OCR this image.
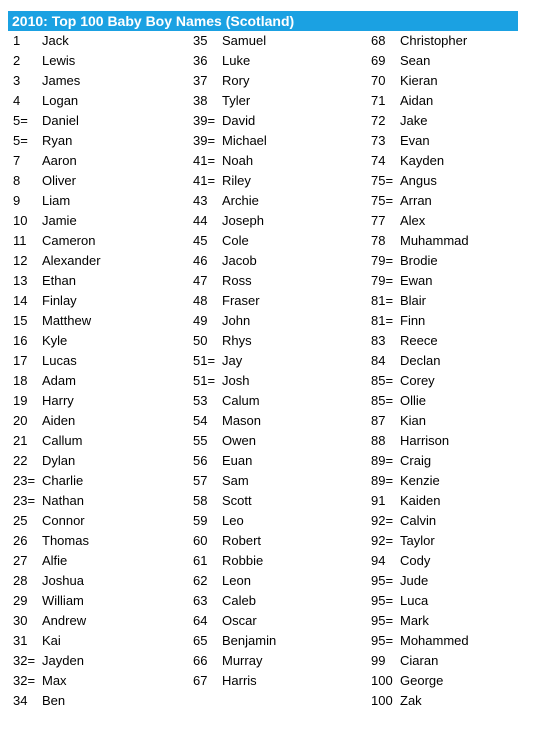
2010: Top 100 Baby Boy Names (Scotland)
1 Jack
2 Lewis
3 James
4 Logan
5= Daniel
5= Ryan
7 Aaron
8 Oliver
9 Liam
10 Jamie
11 Cameron
12 Alexander
13 Ethan
14 Finlay
15 Matthew
16 Kyle
17 Lucas
18 Adam
19 Harry
20 Aiden
21 Callum
22 Dylan
23= Charlie
23= Nathan
25 Connor
26 Thomas
27 Alfie
28 Joshua
29 William
30 Andrew
31 Kai
32= Jayden
32= Max
34 Ben
35 Samuel
36 Luke
37 Rory
38 Tyler
39= David
39= Michael
41= Noah
41= Riley
43 Archie
44 Joseph
45 Cole
46 Jacob
47 Ross
48 Fraser
49 John
50 Rhys
51= Jay
51= Josh
53 Calum
54 Mason
55 Owen
56 Euan
57 Sam
58 Scott
59 Leo
60 Robert
61 Robbie
62 Leon
63 Caleb
64 Oscar
65 Benjamin
66 Murray
67 Harris
68 Christopher
69 Sean
70 Kieran
71 Aidan
72 Jake
73 Evan
74 Kayden
75= Angus
75= Arran
77 Alex
78 Muhammad
79= Brodie
79= Ewan
81= Blair
81= Finn
83 Reece
84 Declan
85= Corey
85= Ollie
87 Kian
88 Harrison
89= Craig
89= Kenzie
91 Kaiden
92= Calvin
92= Taylor
94 Cody
95= Jude
95= Luca
95= Mark
95= Mohammed
99 Ciaran
100 George
100 Zak
